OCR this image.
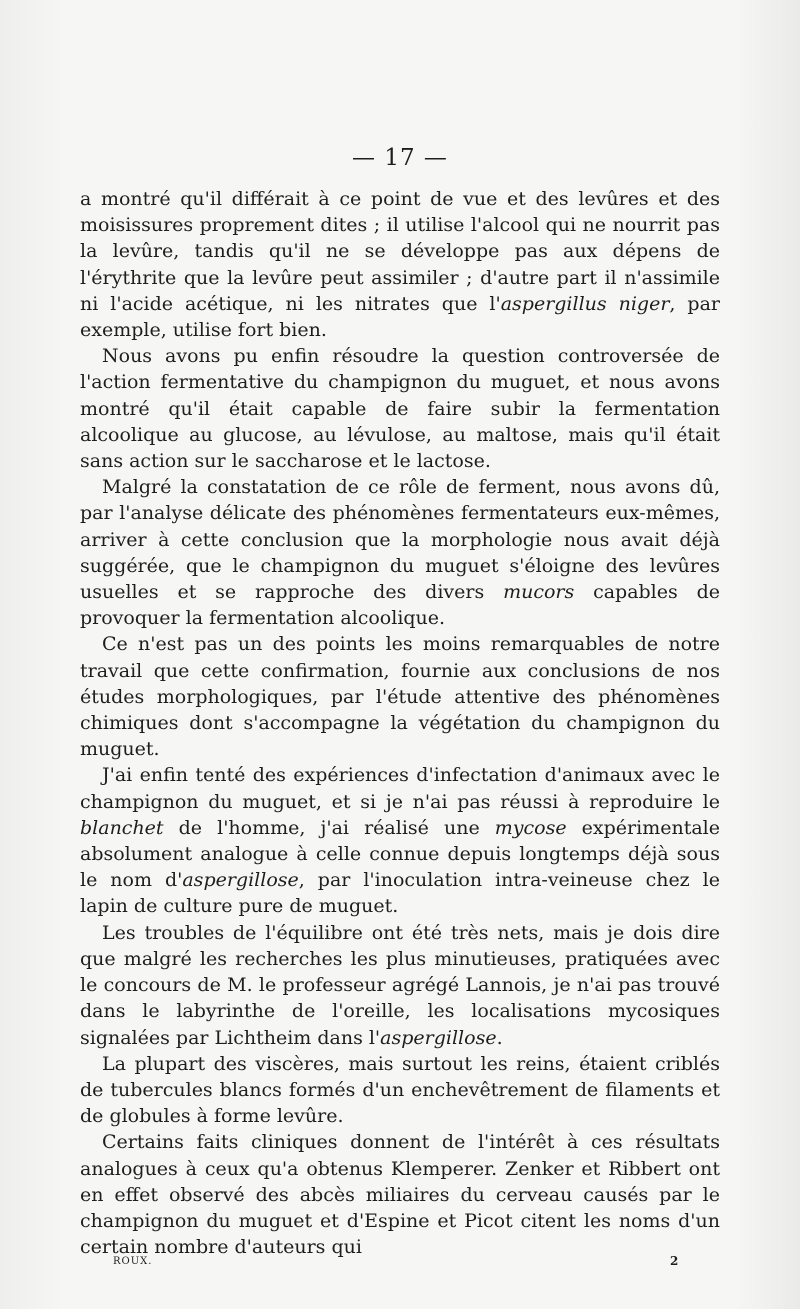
— 17 —

a montré qu'il différait à ce point de vue et des levûres et des moisissures proprement dites ; il utilise l'alcool qui ne nourrit pas la levûre, tandis qu'il ne se développe pas aux dépens de l'érythrite que la levûre peut assimiler ; d'autre part il n'assimile ni l'acide acétique, ni les nitrates que l'aspergillus niger, par exemple, utilise fort bien.

Nous avons pu enfin résoudre la question controversée de l'action fermentative du champignon du muguet, et nous avons montré qu'il était capable de faire subir la fermentation alcoolique au glucose, au lévulose, au maltose, mais qu'il était sans action sur le saccharose et le lactose.

Malgré la constatation de ce rôle de ferment, nous avons dû, par l'analyse délicate des phénomènes fermentateurs eux-mêmes, arriver à cette conclusion que la morphologie nous avait déjà suggérée, que le champignon du muguet s'éloigne des levûres usuelles et se rapproche des divers mucors capables de provoquer la fermentation alcoolique.

Ce n'est pas un des points les moins remarquables de notre travail que cette confirmation, fournie aux conclusions de nos études morphologiques, par l'étude attentive des phénomènes chimiques dont s'accompagne la végétation du champignon du muguet.

J'ai enfin tenté des expériences d'infectation d'animaux avec le champignon du muguet, et si je n'ai pas réussi à reproduire le blanchet de l'homme, j'ai réalisé une mycose expérimentale absolument analogue à celle connue depuis longtemps déjà sous le nom d'aspergillose, par l'inoculation intra-veineuse chez le lapin de culture pure de muguet.

Les troubles de l'équilibre ont été très nets, mais je dois dire que malgré les recherches les plus minutieuses, pratiquées avec le concours de M. le professeur agrégé Lannois, je n'ai pas trouvé dans le labyrinthe de l'oreille, les localisations mycosiques signalées par Lichtheim dans l'aspergillose.

La plupart des viscères, mais surtout les reins, étaient criblés de tubercules blancs formés d'un enchevêtrement de filaments et de globules à forme levûre.

Certains faits cliniques donnent de l'intérêt à ces résultats analogues à ceux qu'a obtenus Klemperer. Zenker et Ribbert ont en effet observé des abcès miliaires du cerveau causés par le champignon du muguet et d'Espine et Picot citent les noms d'un certain nombre d'auteurs qui

ROUX.	2
